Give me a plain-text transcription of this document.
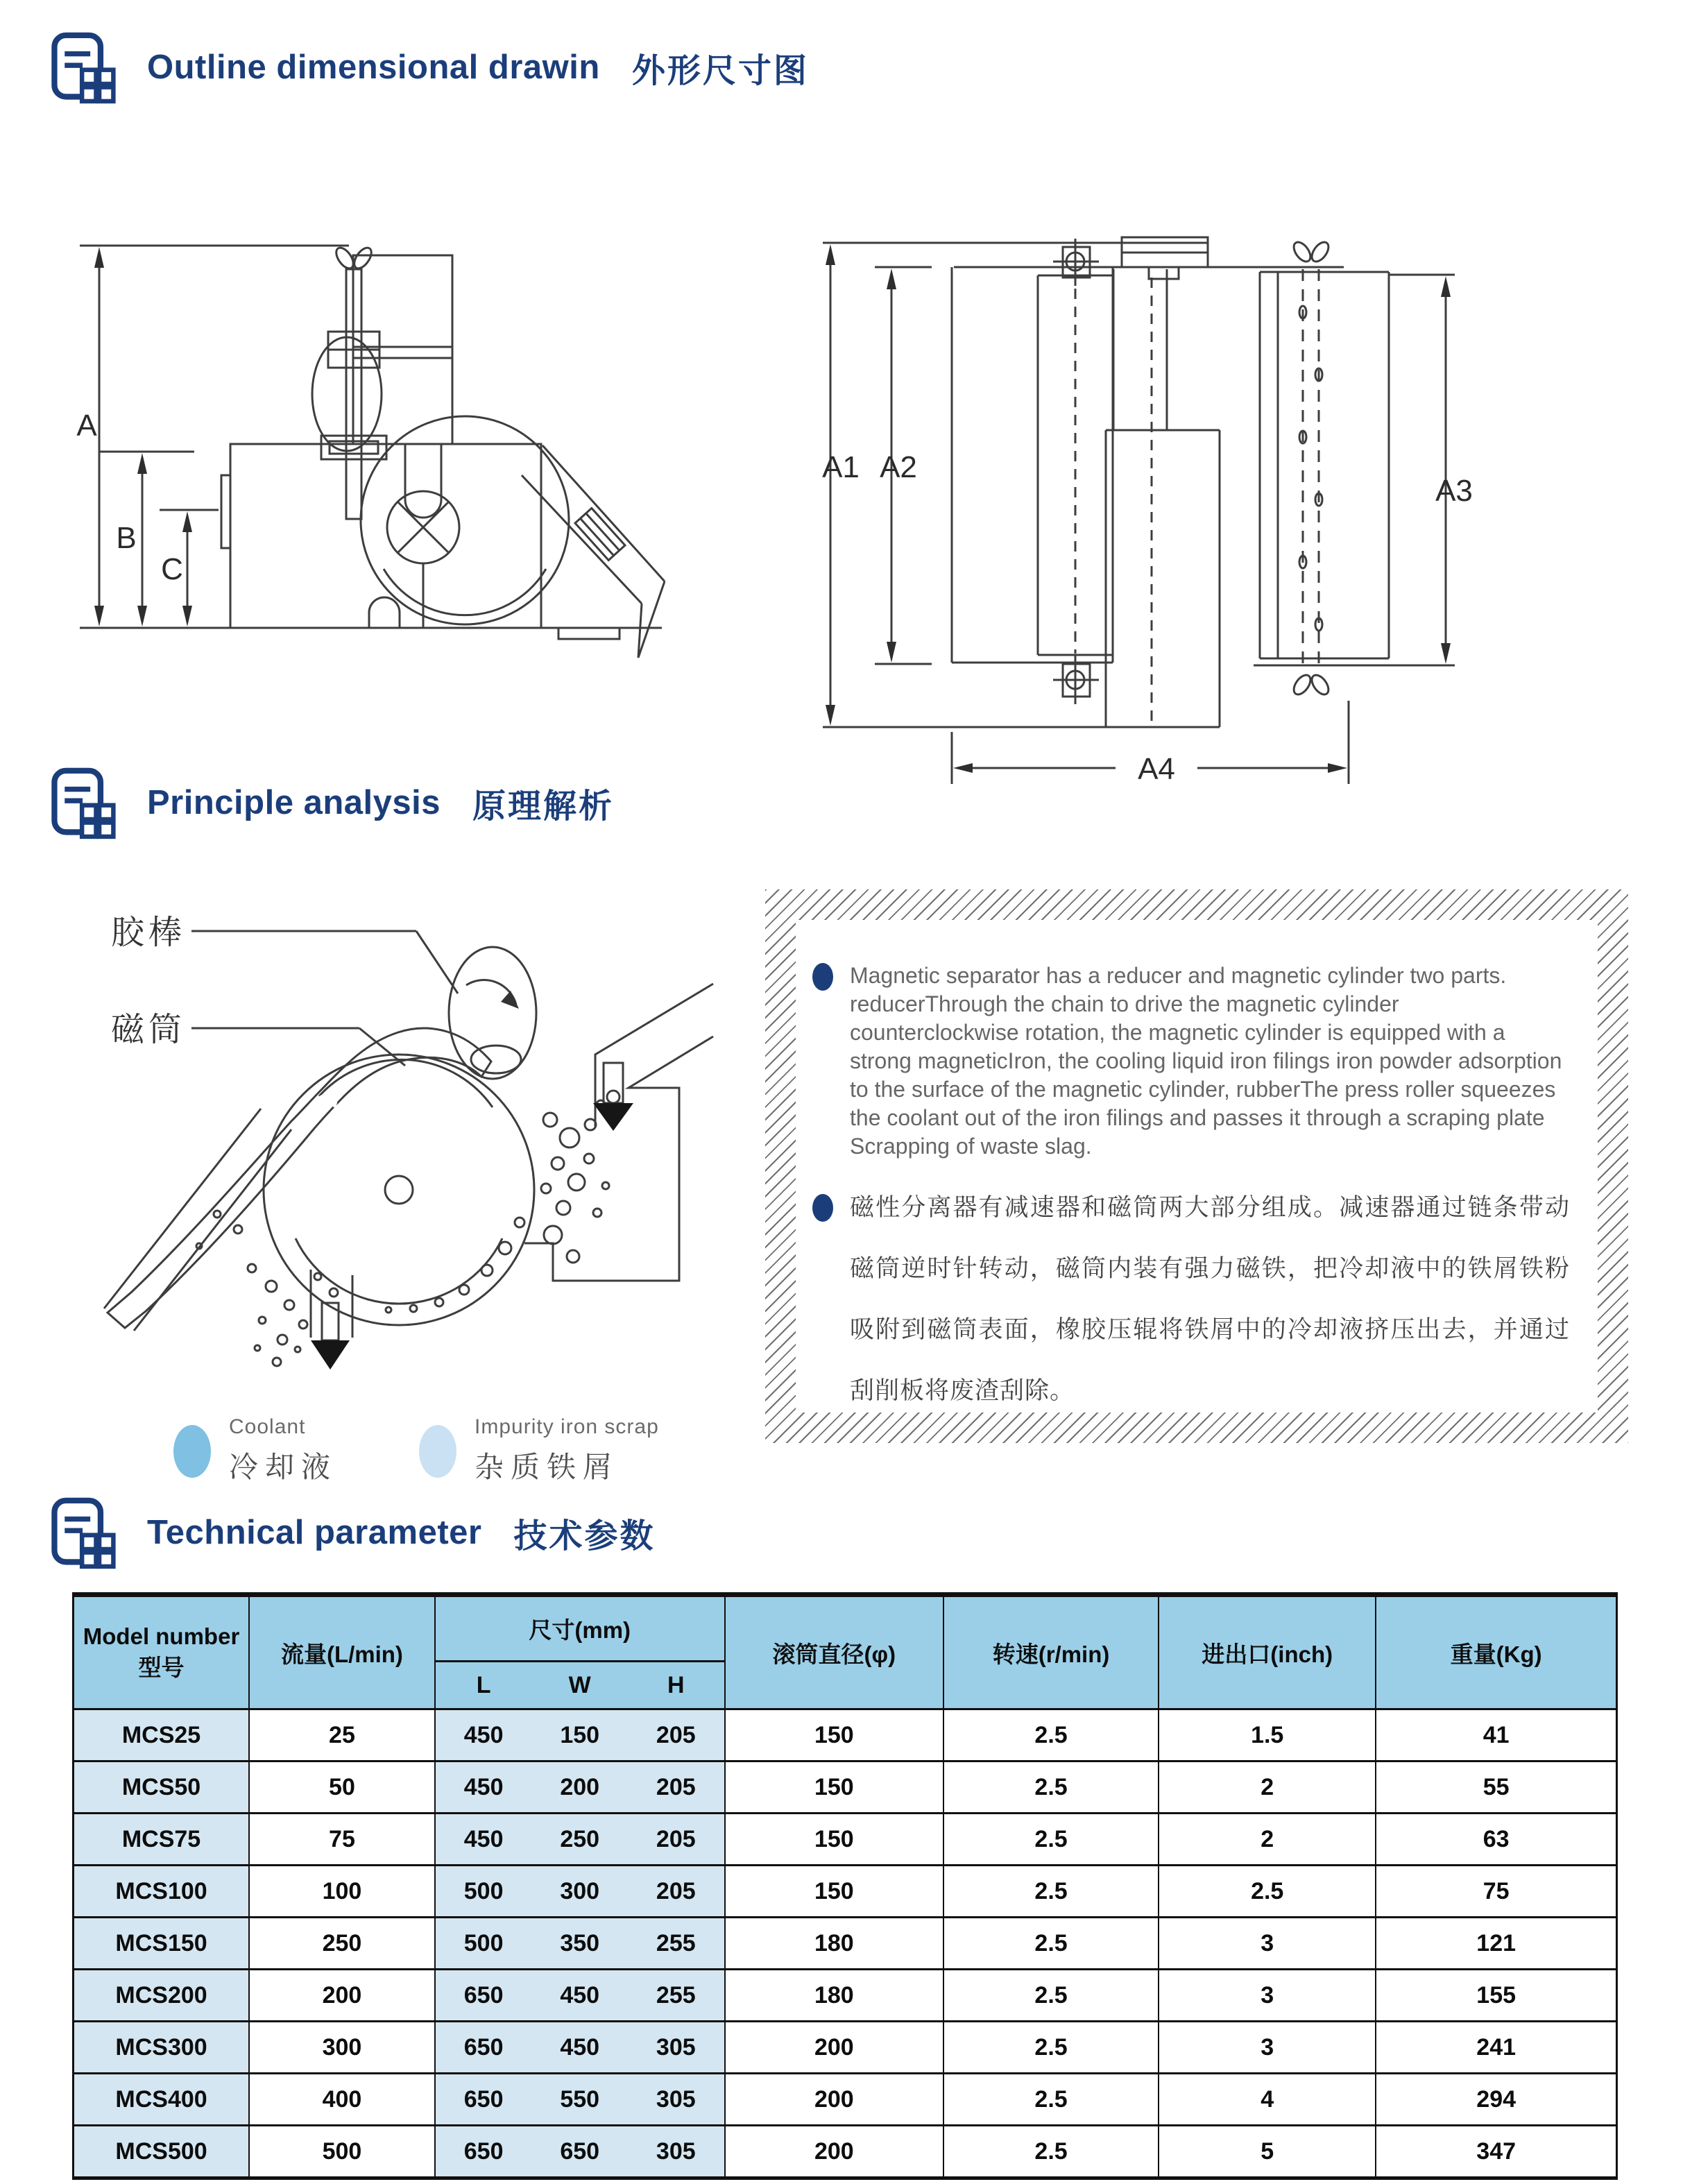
Outline dimensional drawin 外形尺寸图
A
B
C
A1 A2
A3
A4
Principle analysis 原理解析
胶棒
磁筒
Coolant
冷却液
Impurity iron scrap
杂质铁屑

Magnetic separator has a reducer and magnetic cylinder two parts. reducerThrough the chain to drive the magnetic cylinder counterclockwise rotation, the magnetic cylinder is equipped with a strong magneticIron, the cooling liquid iron filings iron powder adsorption to the surface of the magnetic cylinder, rubberThe press roller squeezes the coolant out of the iron filings and passes it through a scraping plate Scrapping of waste slag.

磁性分离器有减速器和磁筒两大部分组成。减速器通过链条带动磁筒逆时针转动，磁筒内装有强力磁铁，把冷却液中的铁屑铁粉吸附到磁筒表面，橡胶压辊将铁屑中的冷却液挤压出去，并通过刮削板将废渣刮除。

Technical parameter 技术参数
Model number
型号
流量(L/min)
尺寸(mm)
L	W	H
滚筒直径(φ)	转速(r/min)	进出口(inch)	重量(Kg)
MCS25	25	450	150	205	150	2.5	1.5	41
MCS50	50	450	200	205	150	2.5	2	55
MCS75	75	450	250	205	150	2.5	2	63
MCS100	100	500	300	205	150	2.5	2.5	75
MCS150	250	500	350	255	180	2.5	3	121
MCS200	200	650	450	255	180	2.5	3	155
MCS300	300	650	450	305	200	2.5	3	241
MCS400	400	650	550	305	200	2.5	4	294
MCS500	500	650	650	305	200	2.5	5	347
